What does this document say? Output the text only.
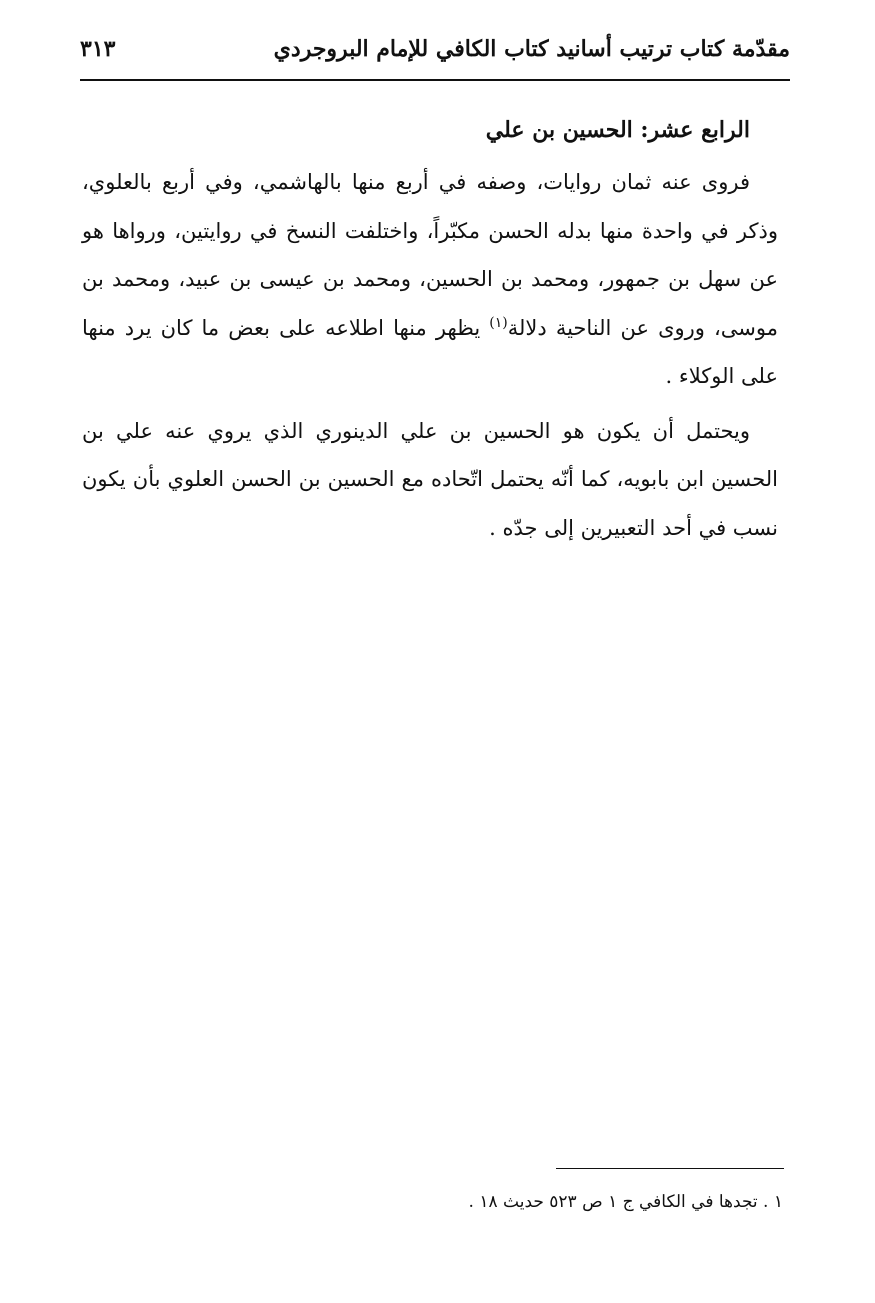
مقدّمة كتاب ترتيب أسانيد كتاب الكافي للإمام البروجردي
٣١٣
الرابع عشر: الحسين بن علي

فروى عنه ثمان روايات، وصفه في أربع منها بالهاشمي، وفي أربع بالعلوي، وذكر في واحدة منها بدله الحسن مكبّراً، واختلفت النسخ في روايتين، ورواها هو عن سهل بن جمهور، ومحمد بن الحسين، ومحمد بن عيسى بن عبيد، ومحمد بن موسى، وروى عن الناحية دلالة$^{(١)}$ يظهر منها اطلاعه على بعض ما كان يرد منها على الوكلاء .

ويحتمل أن يكون هو الحسين بن علي الدينوري الذي يروي عنه علي بن الحسين ابن بابويه، كما أنّه يحتمل اتّحاده مع الحسين بن الحسن العلوي بأن يكون نسب في أحد التعبيرين إلى جدّه .

١ . تجدها في الكافي ج ١ ص ٥٢٣ حديث ١٨ .
